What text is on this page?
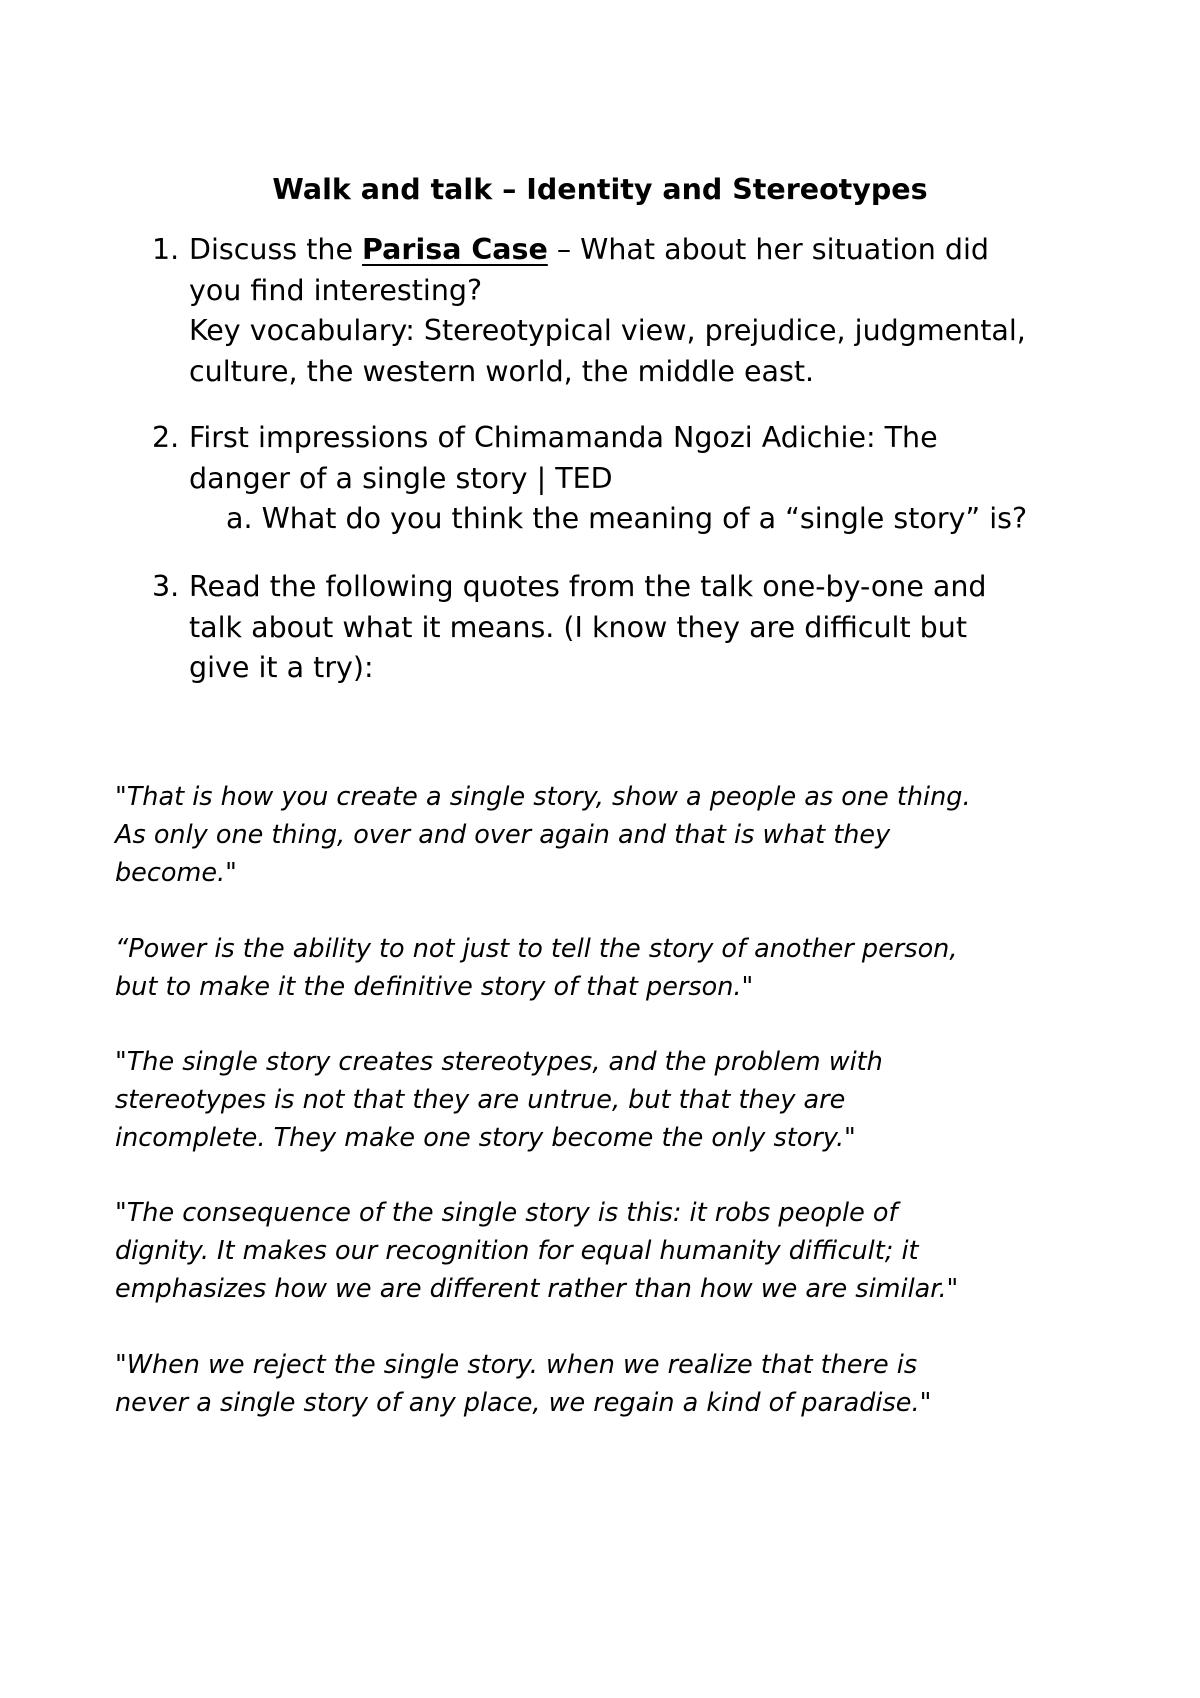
Walk and talk – Identity and Stereotypes
1. Discuss the Parisa Case – What about her situation did
you find interesting?
Key vocabulary: Stereotypical view, prejudice, judgmental,
culture, the western world, the middle east.
2. First impressions of Chimamanda Ngozi Adichie: The
danger of a single story | TED
a. What do you think the meaning of a “single story” is?
3. Read the following quotes from the talk one-by-one and
talk about what it means. (I know they are difficult but
give it a try):
"That is how you create a single story, show a people as one thing.
As only one thing, over and over again and that is what they
become."
“Power is the ability to not just to tell the story of another person,
but to make it the definitive story of that person."
"The single story creates stereotypes, and the problem with
stereotypes is not that they are untrue, but that they are
incomplete. They make one story become the only story."
"The consequence of the single story is this: it robs people of
dignity. It makes our recognition for equal humanity difficult; it
emphasizes how we are different rather than how we are similar."
"When we reject the single story. when we realize that there is
never a single story of any place, we regain a kind of paradise."
